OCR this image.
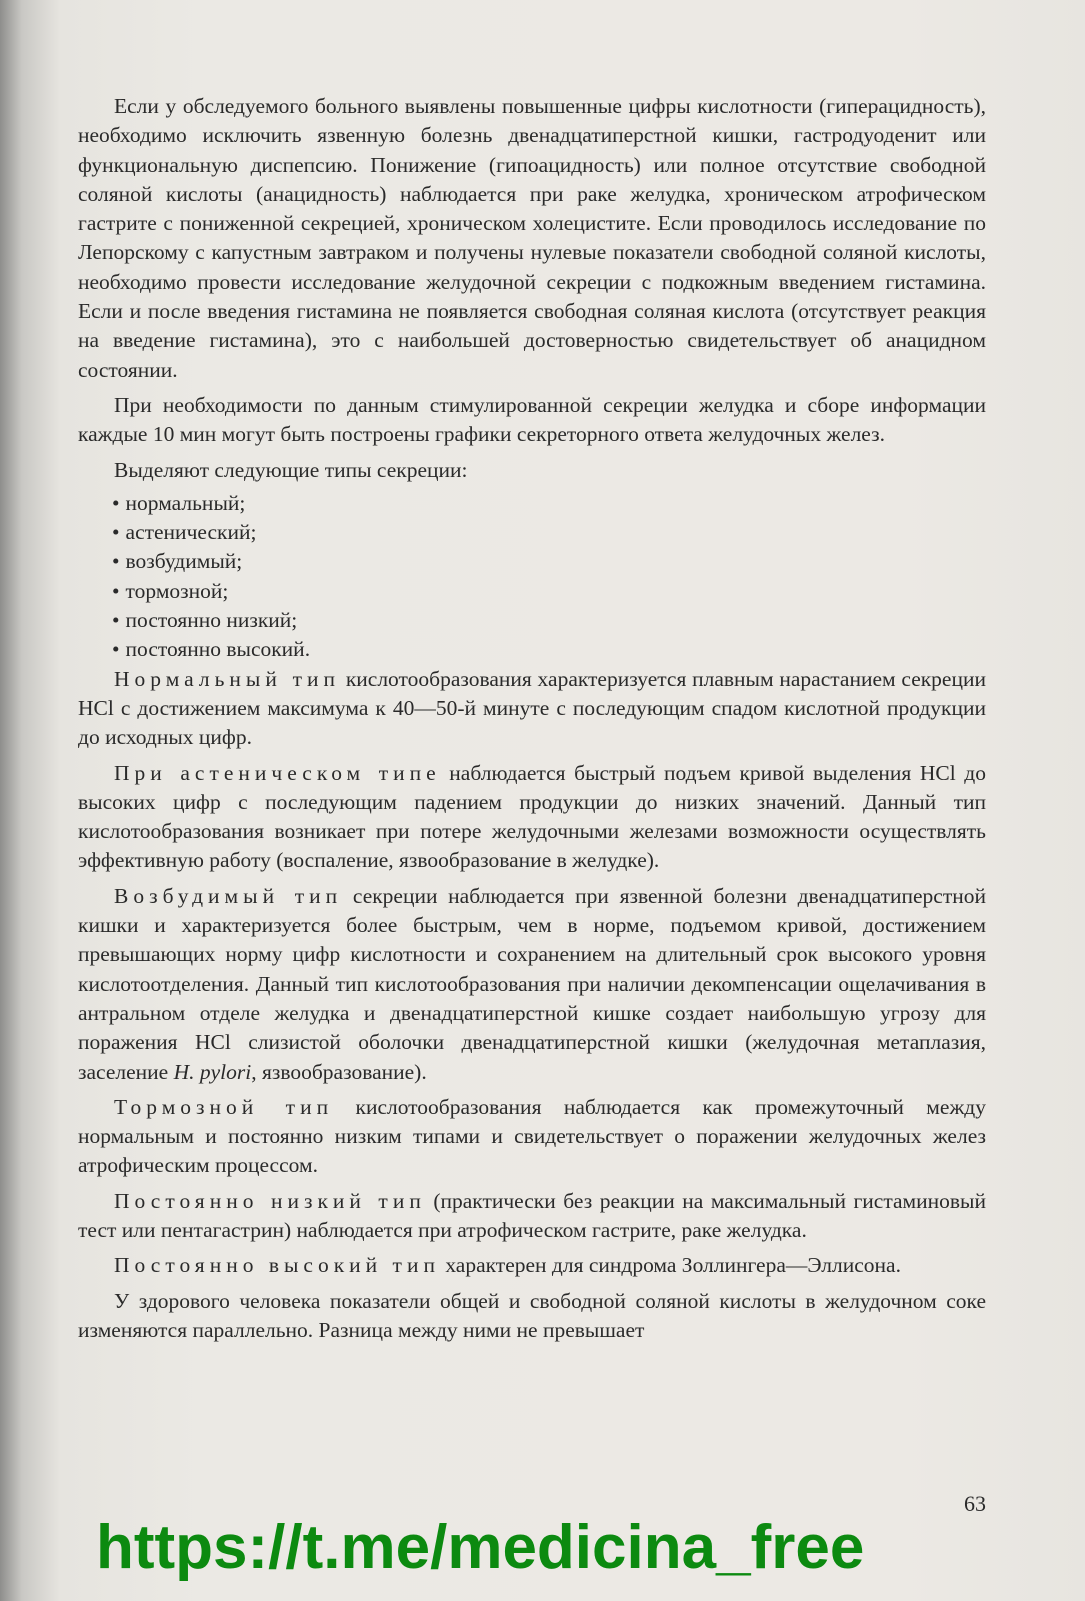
Если у обследуемого больного выявлены повышенные цифры кислотности (гиперацидность), необходимо исключить язвенную болезнь двенадцатиперстной кишки, гастродуоденит или функциональную диспепсию. Понижение (гипоацидность) или полное отсутствие свободной соляной кислоты (анацидность) наблюдается при раке желудка, хроническом атрофическом гастрите с пониженной секрецией, хроническом холецистите. Если проводилось исследование по Лепорскому с капустным завтраком и получены нулевые показатели свободной соляной кислоты, необходимо провести исследование желудочной секреции с подкожным введением гистамина. Если и после введения гистамина не появляется свободная соляная кислота (отсутствует реакция на введение гистамина), это с наибольшей достоверностью свидетельствует об анацидном состоянии.

При необходимости по данным стимулированной секреции желудка и сборе информации каждые 10 мин могут быть построены графики секреторного ответа желудочных желез.

Выделяют следующие типы секреции:

• нормальный;
• астенический;
• возбудимый;
• тормозной;
• постоянно низкий;
• постоянно высокий.

Нормальный тип кислотообразования характеризуется плавным нарастанием секреции HCl с достижением максимума к 40—50-й минуте с последующим спадом кислотной продукции до исходных цифр.

При астеническом типе наблюдается быстрый подъем кривой выделения HCl до высоких цифр с последующим падением продукции до низких значений. Данный тип кислотообразования возникает при потере желудочными железами возможности осуществлять эффективную работу (воспаление, язвообразование в желудке).

Возбудимый тип секреции наблюдается при язвенной болезни двенадцатиперстной кишки и характеризуется более быстрым, чем в норме, подъемом кривой, достижением превышающих норму цифр кислотности и сохранением на длительный срок высокого уровня кислотоотделения. Данный тип кислотообразования при наличии декомпенсации ощелачивания в антральном отделе желудка и двенадцатиперстной кишке создает наибольшую угрозу для поражения HCl слизистой оболочки двенадцатиперстной кишки (желудочная метаплазия, заселение H. pylori, язвообразование).

Тормозной тип кислотообразования наблюдается как промежуточный между нормальным и постоянно низким типами и свидетельствует о поражении желудочных желез атрофическим процессом.

Постоянно низкий тип (практически без реакции на максимальный гистаминовый тест или пентагастрин) наблюдается при атрофическом гастрите, раке желудка.

Постоянно высокий тип характерен для синдрома Золлингера—Эллисона.

У здорового человека показатели общей и свободной соляной кислоты в желудочном соке изменяются параллельно. Разница между ними не превышает

63
https://t.me/medicina_free
